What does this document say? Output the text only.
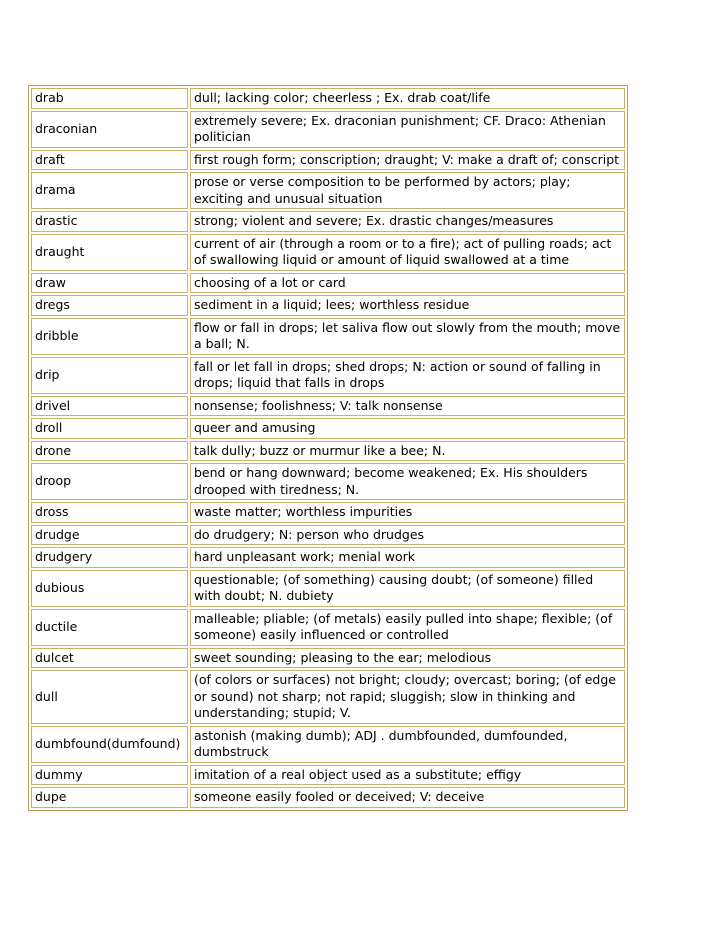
drab	dull; lacking color; cheerless ; Ex. drab coat/life

draconian	extremely severe; Ex. draconian punishment; CF. Draco: Athenian politician

draft	first rough form; conscription; draught; V: make a draft of; conscript

drama	prose or verse composition to be performed by actors; play; exciting and unusual situation

drastic	strong; violent and severe; Ex. drastic changes/measures

draught	current of air (through a room or to a fire); act of pulling roads; act of swallowing liquid or amount of liquid swallowed at a time

draw	choosing of a lot or card

dregs	sediment in a liquid; lees; worthless residue

dribble	flow or fall in drops; let saliva flow out slowly from the mouth; move a ball; N.

drip	fall or let fall in drops; shed drops; N: action or sound of falling in drops; liquid that falls in drops

drivel	nonsense; foolishness; V: talk nonsense

droll	queer and amusing

drone	talk dully; buzz or murmur like a bee; N.

droop	bend or hang downward; become weakened; Ex. His shoulders drooped with tiredness; N.

dross	waste matter; worthless impurities

drudge	do drudgery; N: person who drudges

drudgery	hard unpleasant work; menial work

dubious	questionable; (of something) causing doubt; (of someone) filled with doubt; N. dubiety

ductile	malleable; pliable; (of metals) easily pulled into shape; flexible; (of someone) easily influenced or controlled

dulcet	sweet sounding; pleasing to the ear; melodious

dull	(of colors or surfaces) not bright; cloudy; overcast; boring; (of edge or sound) not sharp; not rapid; sluggish; slow in thinking and understanding; stupid; V.

dumbfound(dumfound)	astonish (making dumb); ADJ . dumbfounded, dumfounded, dumbstruck

dummy	imitation of a real object used as a substitute; effigy

dupe	someone easily fooled or deceived; V: deceive
